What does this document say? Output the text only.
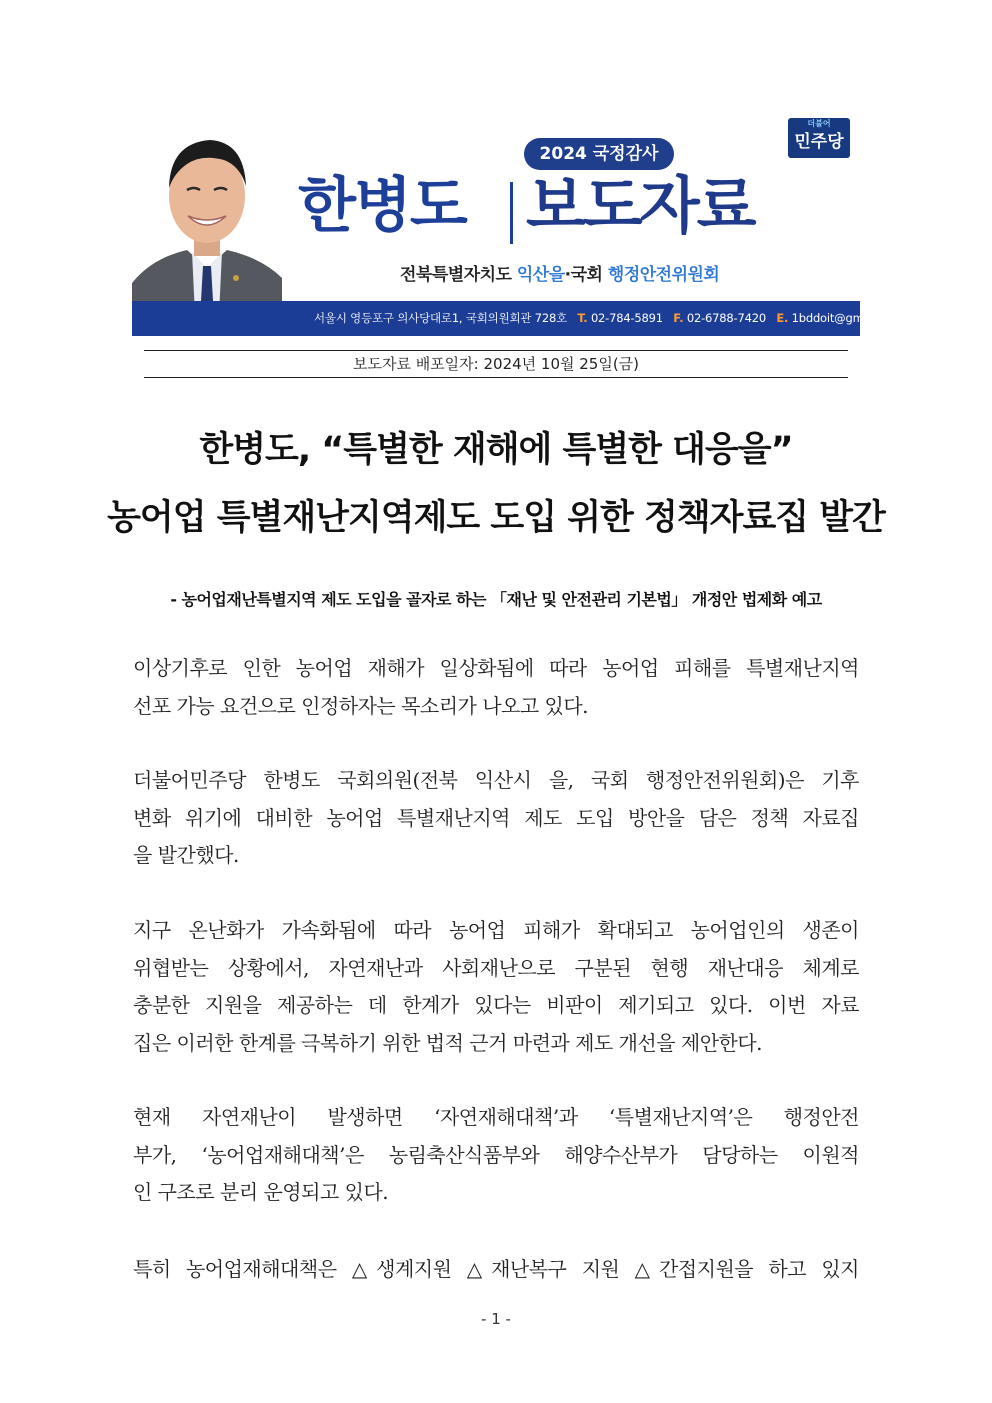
2024 국정감사
한병도 보도자료
더불어
민주당
전북특별자치도 익산을·국회 행정안전위원회
서울시 영등포구 의사당대로1, 국회의원회관 728호 T. 02-784-5891 F. 02-6788-7420 E. 1bddoit@gmail.com
보도자료 배포일자: 2024년 10월 25일(금)
한병도, “특별한 재해에 특별한 대응을”
농어업 특별재난지역제도 도입 위한 정책자료집 발간
- 농어업재난특별지역 제도 도입을 골자로 하는 「재난 및 안전관리 기본법」 개정안 법제화 예고
이상기후로 인한 농어업 재해가 일상화됨에 따라 농어업 피해를 특별재난지역
선포 가능 요건으로 인정하자는 목소리가 나오고 있다.
더불어민주당 한병도 국회의원(전북 익산시 을, 국회 행정안전위원회)은 기후
변화 위기에 대비한 농어업 특별재난지역 제도 도입 방안을 담은 정책 자료집
을 발간했다.
지구 온난화가 가속화됨에 따라 농어업 피해가 확대되고 농어업인의 생존이
위협받는 상황에서, 자연재난과 사회재난으로 구분된 현행 재난대응 체계로
충분한 지원을 제공하는 데 한계가 있다는 비판이 제기되고 있다. 이번 자료
집은 이러한 한계를 극복하기 위한 법적 근거 마련과 제도 개선을 제안한다.
현재 자연재난이 발생하면 ‘자연재해대책’과 ‘특별재난지역’은 행정안전
부가, ‘농어업재해대책’은 농림축산식품부와 해양수산부가 담당하는 이원적
인 구조로 분리 운영되고 있다.
특히 농어업재해대책은 △생계지원 △재난복구 지원 △간접지원을 하고 있지
- 1 -
